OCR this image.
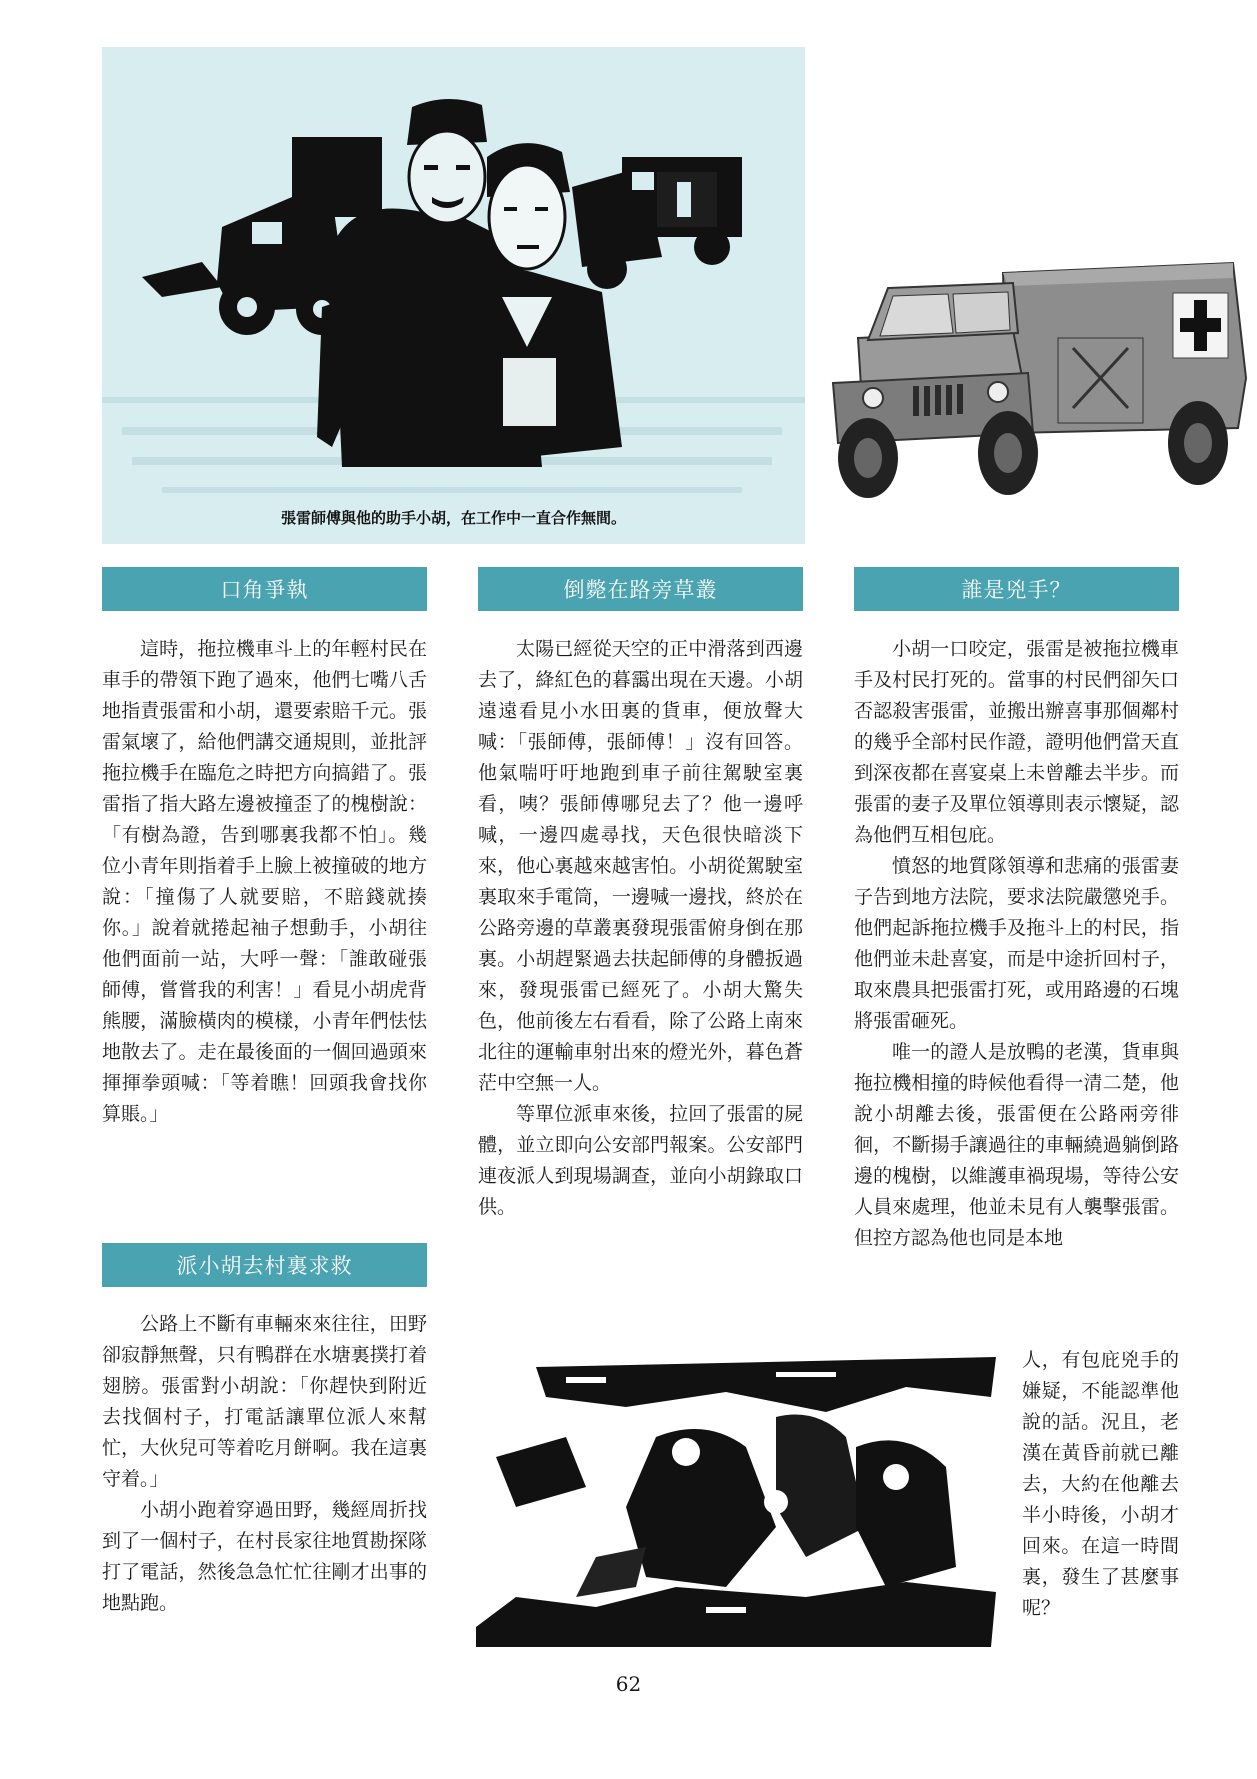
張雷師傅與他的助手小胡，在工作中一直合作無間。
口角爭執

這時，拖拉機車斗上的年輕村民在車手的帶領下跑了過來，他們七嘴八舌地指責張雷和小胡，還要索賠千元。張雷氣壞了，給他們講交通規則，並批評拖拉機手在臨危之時把方向搞錯了。張雷指了指大路左邊被撞歪了的槐樹說：「有樹為證，告到哪裏我都不怕」。幾位小青年則指着手上臉上被撞破的地方說：「撞傷了人就要賠，不賠錢就揍你。」說着就捲起袖子想動手，小胡往他們面前一站，大呼一聲：「誰敢碰張師傅，嘗嘗我的利害！」看見小胡虎背熊腰，滿臉橫肉的模樣，小青年們怯怯地散去了。走在最後面的一個回過頭來揮揮拳頭喊：「等着瞧！回頭我會找你算賬。」

派小胡去村裏求救

公路上不斷有車輛來來往往，田野卻寂靜無聲，只有鴨群在水塘裏撲打着翅膀。張雷對小胡說：「你趕快到附近去找個村子，打電話讓單位派人來幫忙，大伙兒可等着吃月餅啊。我在這裏守着。」

小胡小跑着穿過田野，幾經周折找到了一個村子，在村長家往地質勘探隊打了電話，然後急急忙忙往剛才出事的地點跑。

倒斃在路旁草叢

太陽已經從天空的正中滑落到西邊去了，絳紅色的暮靄出現在天邊。小胡遠遠看見小水田裏的貨車，便放聲大喊：「張師傅，張師傅！」沒有回答。他氣喘吁吁地跑到車子前往駕駛室裏看，咦？張師傅哪兒去了？他一邊呼喊，一邊四處尋找，天色很快暗淡下來，他心裏越來越害怕。小胡從駕駛室裏取來手電筒，一邊喊一邊找，終於在公路旁邊的草叢裏發現張雷俯身倒在那裏。小胡趕緊過去扶起師傅的身體扳過來，發現張雷已經死了。小胡大驚失色，他前後左右看看，除了公路上南來北往的運輸車射出來的燈光外，暮色蒼茫中空無一人。

等單位派車來後，拉回了張雷的屍體，並立即向公安部門報案。公安部門連夜派人到現場調查，並向小胡錄取口供。

誰是兇手？

小胡一口咬定，張雷是被拖拉機車手及村民打死的。當事的村民們卻矢口否認殺害張雷，並搬出辦喜事那個鄰村的幾乎全部村民作證，證明他們當天直到深夜都在喜宴桌上未曾離去半步。而張雷的妻子及單位領導則表示懷疑，認為他們互相包庇。

憤怒的地質隊領導和悲痛的張雷妻子告到地方法院，要求法院嚴懲兇手。他們起訴拖拉機手及拖斗上的村民，指他們並未赴喜宴，而是中途折回村子，取來農具把張雷打死，或用路邊的石塊將張雷砸死。

唯一的證人是放鴨的老漢，貨車與拖拉機相撞的時候他看得一清二楚，他說小胡離去後，張雷便在公路兩旁徘徊，不斷揚手讓過往的車輛繞過躺倒路邊的槐樹，以維護車禍現場，等待公安人員來處理，他並未見有人襲擊張雷。但控方認為他也同是本地

人，有包庇兇手的嫌疑，不能認準他說的話。況且，老漢在黃昏前就已離去，大約在他離去半小時後，小胡才回來。在這一時間裏，發生了甚麼事呢？

62
